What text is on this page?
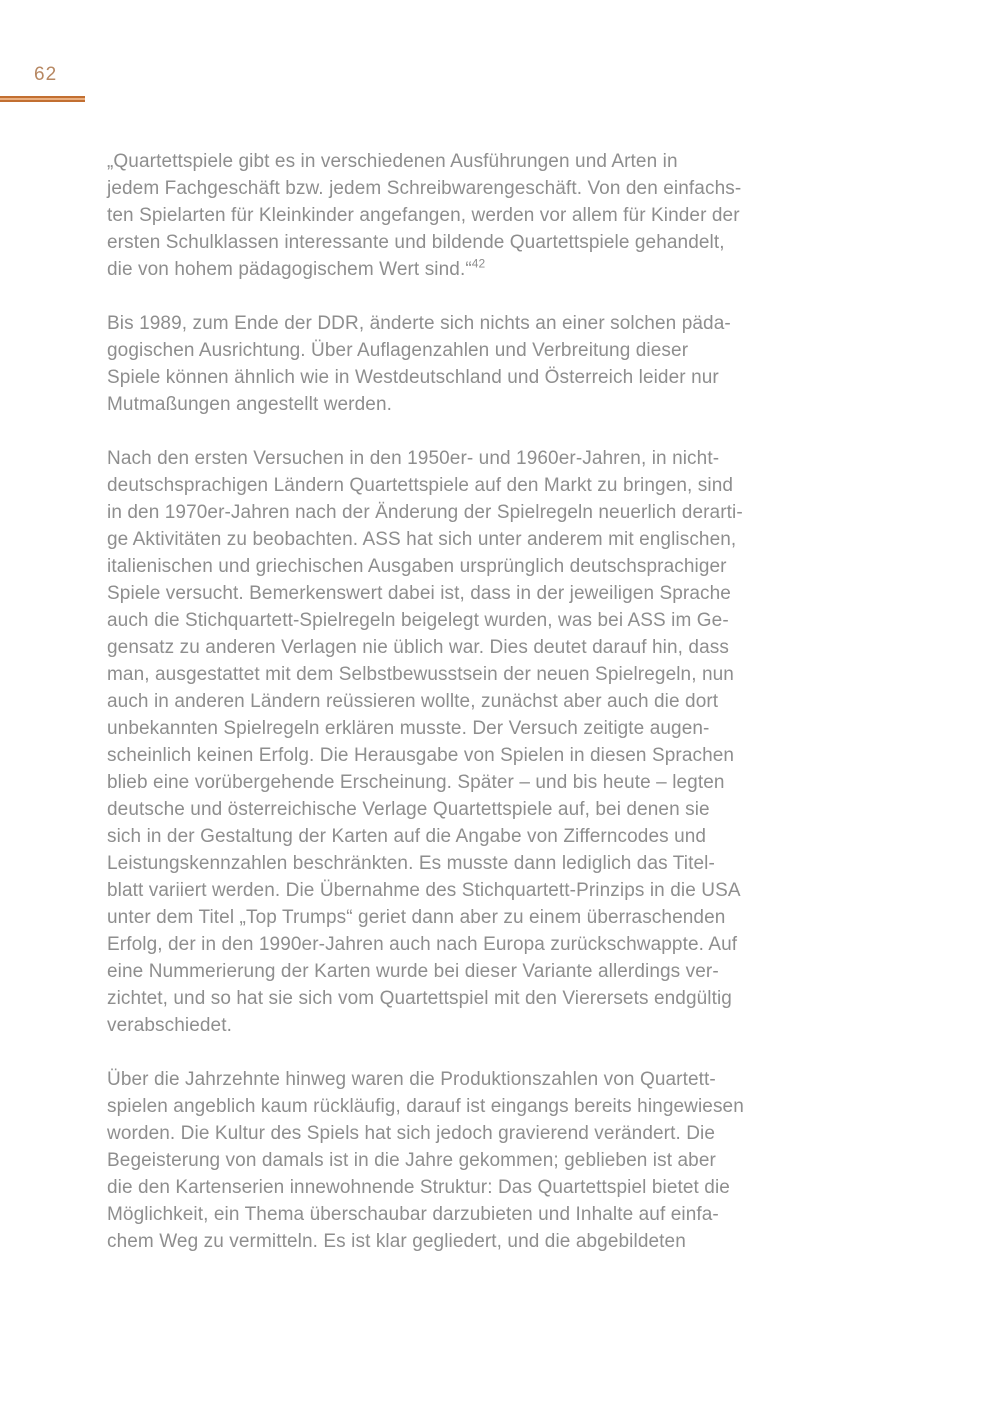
62
„Quartettspiele gibt es in verschiedenen Ausführungen und Arten in
jedem Fachgeschäft bzw. jedem Schreibwarengeschäft. Von den einfachs-
ten Spielarten für Kleinkinder angefangen, werden vor allem für Kinder der
ersten Schulklassen interessante und bildende Quartettspiele gehandelt,
die von hohem pädagogischem Wert sind.“$^{42}$
Bis 1989, zum Ende der DDR, änderte sich nichts an einer solchen päda-
gogischen Ausrichtung. Über Auflagenzahlen und Verbreitung dieser
Spiele können ähnlich wie in Westdeutschland und Österreich leider nur
Mutmaßungen angestellt werden.
Nach den ersten Versuchen in den 1950er- und 1960er-Jahren, in nicht-
deutschsprachigen Ländern Quartettspiele auf den Markt zu bringen, sind
in den 1970er-Jahren nach der Änderung der Spielregeln neuerlich derarti-
ge Aktivitäten zu beobachten. ASS hat sich unter anderem mit englischen,
italienischen und griechischen Ausgaben ursprünglich deutschsprachiger
Spiele versucht. Bemerkenswert dabei ist, dass in der jeweiligen Sprache
auch die Stichquartett-Spielregeln beigelegt wurden, was bei ASS im Ge-
gensatz zu anderen Verlagen nie üblich war. Dies deutet darauf hin, dass
man, ausgestattet mit dem Selbstbewusstsein der neuen Spielregeln, nun
auch in anderen Ländern reüssieren wollte, zunächst aber auch die dort
unbekannten Spielregeln erklären musste. Der Versuch zeitigte augen-
scheinlich keinen Erfolg. Die Herausgabe von Spielen in diesen Sprachen
blieb eine vorübergehende Erscheinung. Später – und bis heute – legten
deutsche und österreichische Verlage Quartettspiele auf, bei denen sie
sich in der Gestaltung der Karten auf die Angabe von Zifferncodes und
Leistungskennzahlen beschränkten. Es musste dann lediglich das Titel-
blatt variiert werden. Die Übernahme des Stichquartett-Prinzips in die USA
unter dem Titel „Top Trumps“ geriet dann aber zu einem überraschenden
Erfolg, der in den 1990er-Jahren auch nach Europa zurückschwappte. Auf
eine Nummerierung der Karten wurde bei dieser Variante allerdings ver-
zichtet, und so hat sie sich vom Quartettspiel mit den Vierersets endgültig
verabschiedet.
Über die Jahrzehnte hinweg waren die Produktionszahlen von Quartett-
spielen angeblich kaum rückläufig, darauf ist eingangs bereits hingewiesen
worden. Die Kultur des Spiels hat sich jedoch gravierend verändert. Die
Begeisterung von damals ist in die Jahre gekommen; geblieben ist aber
die den Kartenserien innewohnende Struktur: Das Quartettspiel bietet die
Möglichkeit, ein Thema überschaubar darzubieten und Inhalte auf einfa-
chem Weg zu vermitteln. Es ist klar gegliedert, und die abgebildeten
